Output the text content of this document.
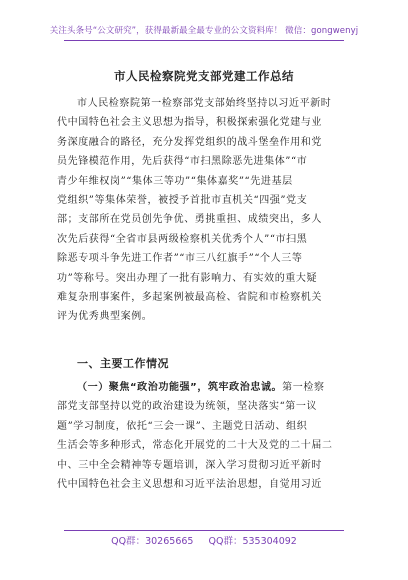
关注头条号“公文研究”，获得最新最全最专业的公文资料库！ 微信：gongwenyj
市人民检察院党支部党建工作总结
市人民检察院第一检察部党支部始终坚持以习近平新时
代中国特色社会主义思想为指导，积极探索强化党建与业
务深度融合的路径，充分发挥党组织的战斗堡垒作用和党
员先锋模范作用，先后获得“市扫黑除恶先进集体”“市
青少年维权岗”“集体三等功”“集体嘉奖”“先进基层
党组织”等集体荣誉，被授予首批市直机关“四强”党支
部；支部所在党员创先争优、勇挑重担、成绩突出，多人
次先后获得“全省市县两级检察机关优秀个人”“市扫黑
除恶专项斗争先进工作者”“市三八红旗手”“个人三等
功”等称号。突出办理了一批有影响力、有实效的重大疑
难复杂刑事案件，多起案例被最高检、省院和市检察机关
评为优秀典型案例。
一、主要工作情况
（一）聚焦“政治功能强”，筑牢政治忠诚。第一检察
部党支部坚持以党的政治建设为统领，坚决落实“第一议
题”学习制度，依托“三会一课”、主题党日活动、组织
生活会等多种形式，常态化开展党的二十大及党的二十届二
中、三中全会精神等专题培训，深入学习贯彻习近平新时
代中国特色社会主义思想和习近平法治思想，自觉用习近
QQ群：30265665 QQ群：535304092
